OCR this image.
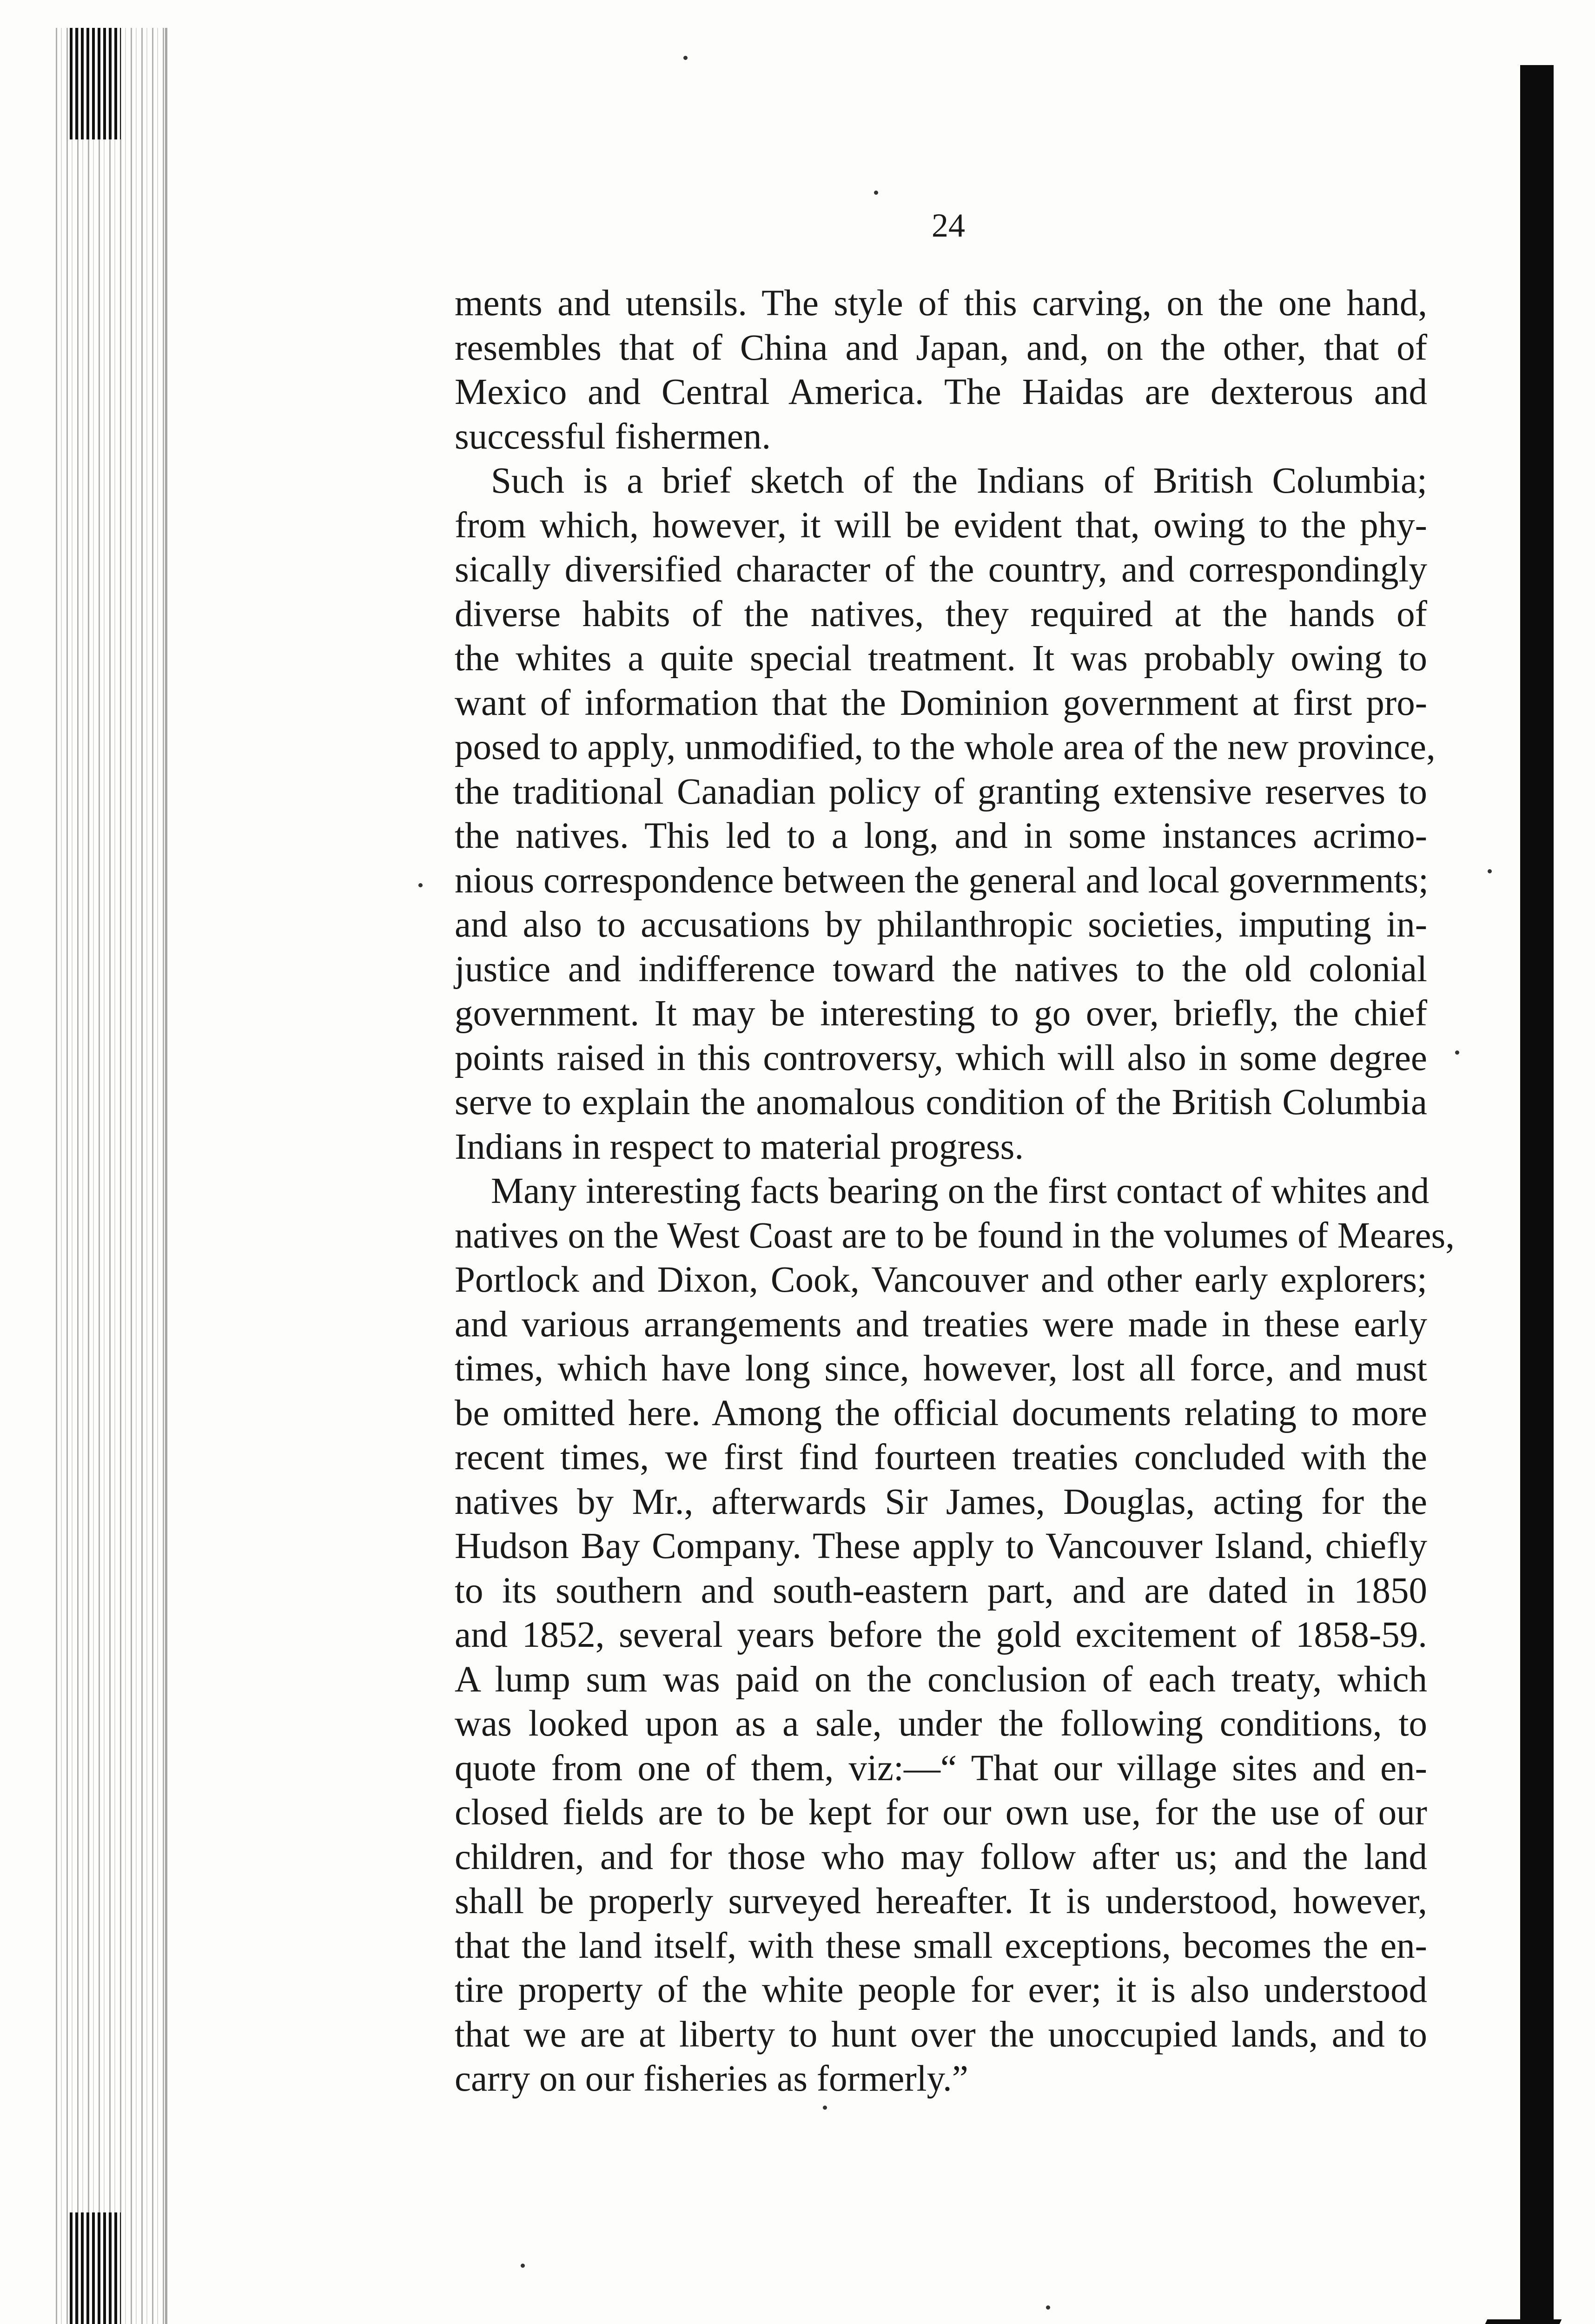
24
ments and utensils. The style of this carving, on the one hand,
resembles that of China and Japan, and, on the other, that of
Mexico and Central America. The Haidas are dexterous and
successful fishermen.
Such is a brief sketch of the Indians of British Columbia;
from which, however, it will be evident that, owing to the phy-
sically diversified character of the country, and correspondingly
diverse habits of the natives, they required at the hands of
the whites a quite special treatment. It was probably owing to
want of information that the Dominion government at first pro-
posed to apply, unmodified, to the whole area of the new province,
the traditional Canadian policy of granting extensive reserves to
the natives. This led to a long, and in some instances acrimo-
nious correspondence between the general and local governments;
and also to accusations by philanthropic societies, imputing in-
justice and indifference toward the natives to the old colonial
government. It may be interesting to go over, briefly, the chief
points raised in this controversy, which will also in some degree
serve to explain the anomalous condition of the British Columbia
Indians in respect to material progress.
Many interesting facts bearing on the first contact of whites and
natives on the West Coast are to be found in the volumes of Meares,
Portlock and Dixon, Cook, Vancouver and other early explorers;
and various arrangements and treaties were made in these early
times, which have long since, however, lost all force, and must
be omitted here. Among the official documents relating to more
recent times, we first find fourteen treaties concluded with the
natives by Mr., afterwards Sir James, Douglas, acting for the
Hudson Bay Company. These apply to Vancouver Island, chiefly
to its southern and south-eastern part, and are dated in 1850
and 1852, several years before the gold excitement of 1858-59.
A lump sum was paid on the conclusion of each treaty, which
was looked upon as a sale, under the following conditions, to
quote from one of them, viz:—“ That our village sites and en-
closed fields are to be kept for our own use, for the use of our
children, and for those who may follow after us; and the land
shall be properly surveyed hereafter. It is understood, however,
that the land itself, with these small exceptions, becomes the en-
tire property of the white people for ever; it is also understood
that we are at liberty to hunt over the unoccupied lands, and to
carry on our fisheries as formerly.”
